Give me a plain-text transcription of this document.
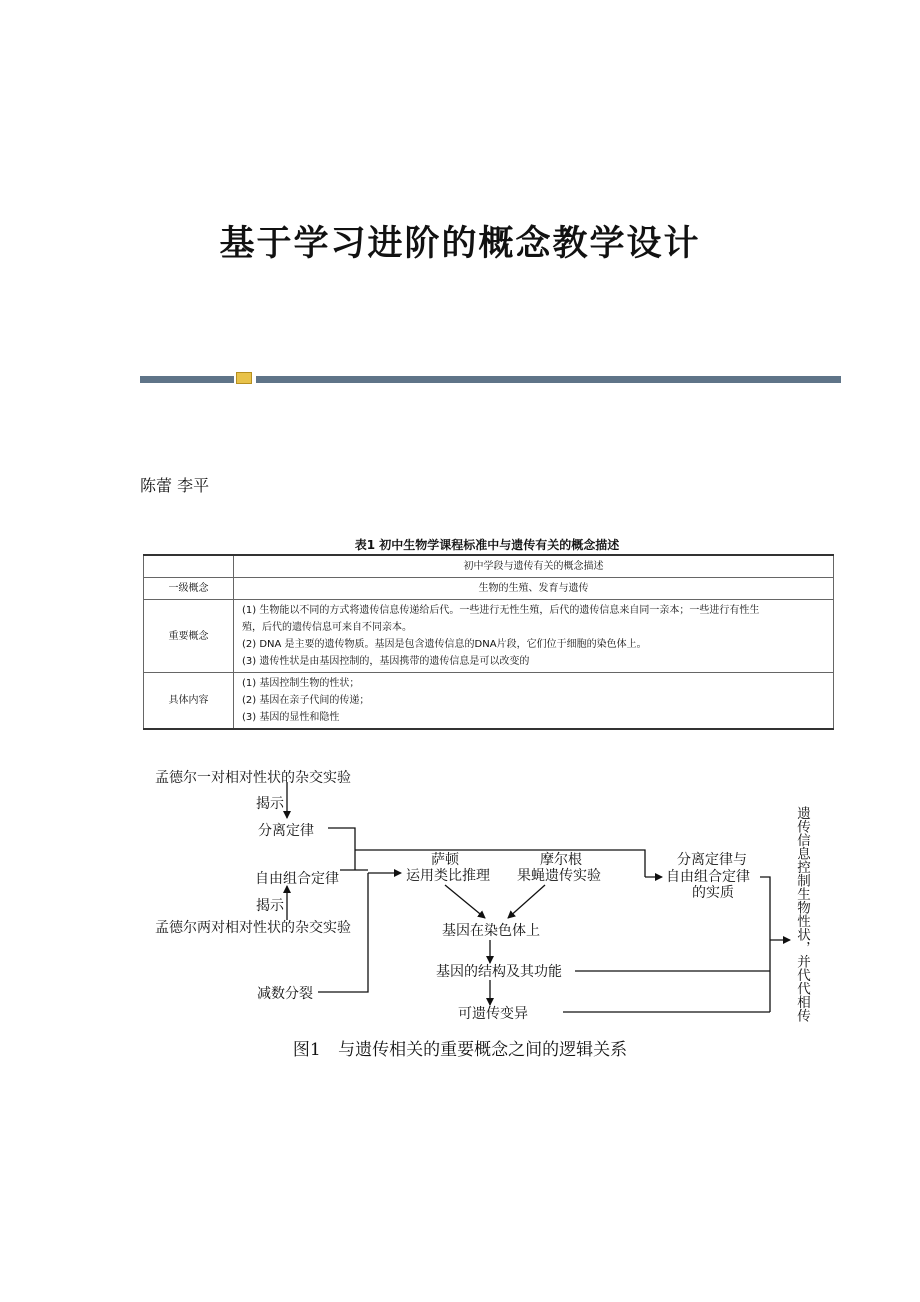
基于学习进阶的概念教学设计
陈蕾 李平
表1 初中生物学课程标准中与遗传有关的概念描述
	初中学段与遗传有关的概念描述
一级概念	生物的生殖、发育与遗传

重要概念	(1) 生物能以不同的方式将遗传信息传递给后代。一些进行无性生殖，后代的遗传信息来自同一亲本；一些进行有性生
殖，后代的遗传信息可来自不同亲本。
(2) DNA 是主要的遗传物质。基因是包含遗传信息的DNA片段，它们位于细胞的染色体上。
(3) 遗传性状是由基因控制的，基因携带的遗传信息是可以改变的

具体内容	(1) 基因控制生物的性状；
(2) 基因在亲子代间的传递；
(3) 基因的显性和隐性
孟德尔一对相对性状的杂交实验
揭示
分离定律
自由组合定律
揭示
孟德尔两对相对性状的杂交实验
减数分裂
萨顿
运用类比推理
摩尔根
果蝇遗传实验
基因在染色体上
基因的结构及其功能
可遗传变异
分离定律与
自由组合定律
的实质	遗传信息控制生物性状，并代代相传
图1 与遗传相关的重要概念之间的逻辑关系
